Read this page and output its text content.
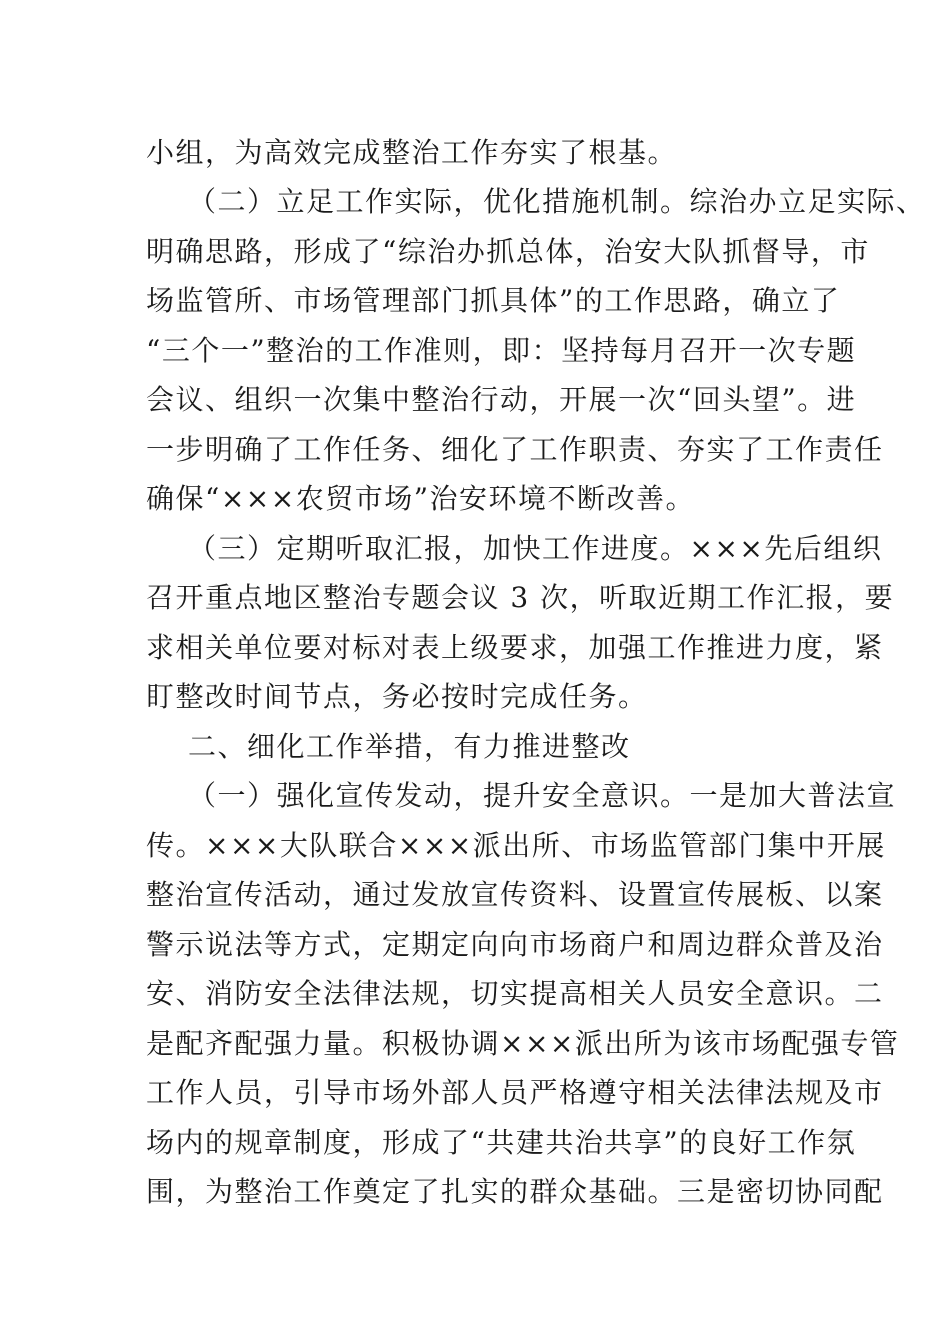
小组，为高效完成整治工作夯实了根基。
（二）立足工作实际，优化措施机制。综治办立足实际、
明确思路，形成了“综治办抓总体，治安大队抓督导，市
场监管所、市场管理部门抓具体”的工作思路，确立了
“三个一”整治的工作准则，即：坚持每月召开一次专题
会议、组织一次集中整治行动，开展一次“回头望”。进
一步明确了工作任务、细化了工作职责、夯实了工作责任
确保“×××农贸市场”治安环境不断改善。
（三）定期听取汇报，加快工作进度。×××先后组织
召开重点地区整治专题会议 3 次，听取近期工作汇报，要
求相关单位要对标对表上级要求，加强工作推进力度，紧
盯整改时间节点，务必按时完成任务。
二、细化工作举措，有力推进整改
（一）强化宣传发动，提升安全意识。一是加大普法宣
传。×××大队联合×××派出所、市场监管部门集中开展
整治宣传活动，通过发放宣传资料、设置宣传展板、以案
警示说法等方式，定期定向向市场商户和周边群众普及治
安、消防安全法律法规，切实提高相关人员安全意识。二
是配齐配强力量。积极协调×××派出所为该市场配强专管
工作人员，引导市场外部人员严格遵守相关法律法规及市
场内的规章制度，形成了“共建共治共享”的良好工作氛
围，为整治工作奠定了扎实的群众基础。三是密切协同配
